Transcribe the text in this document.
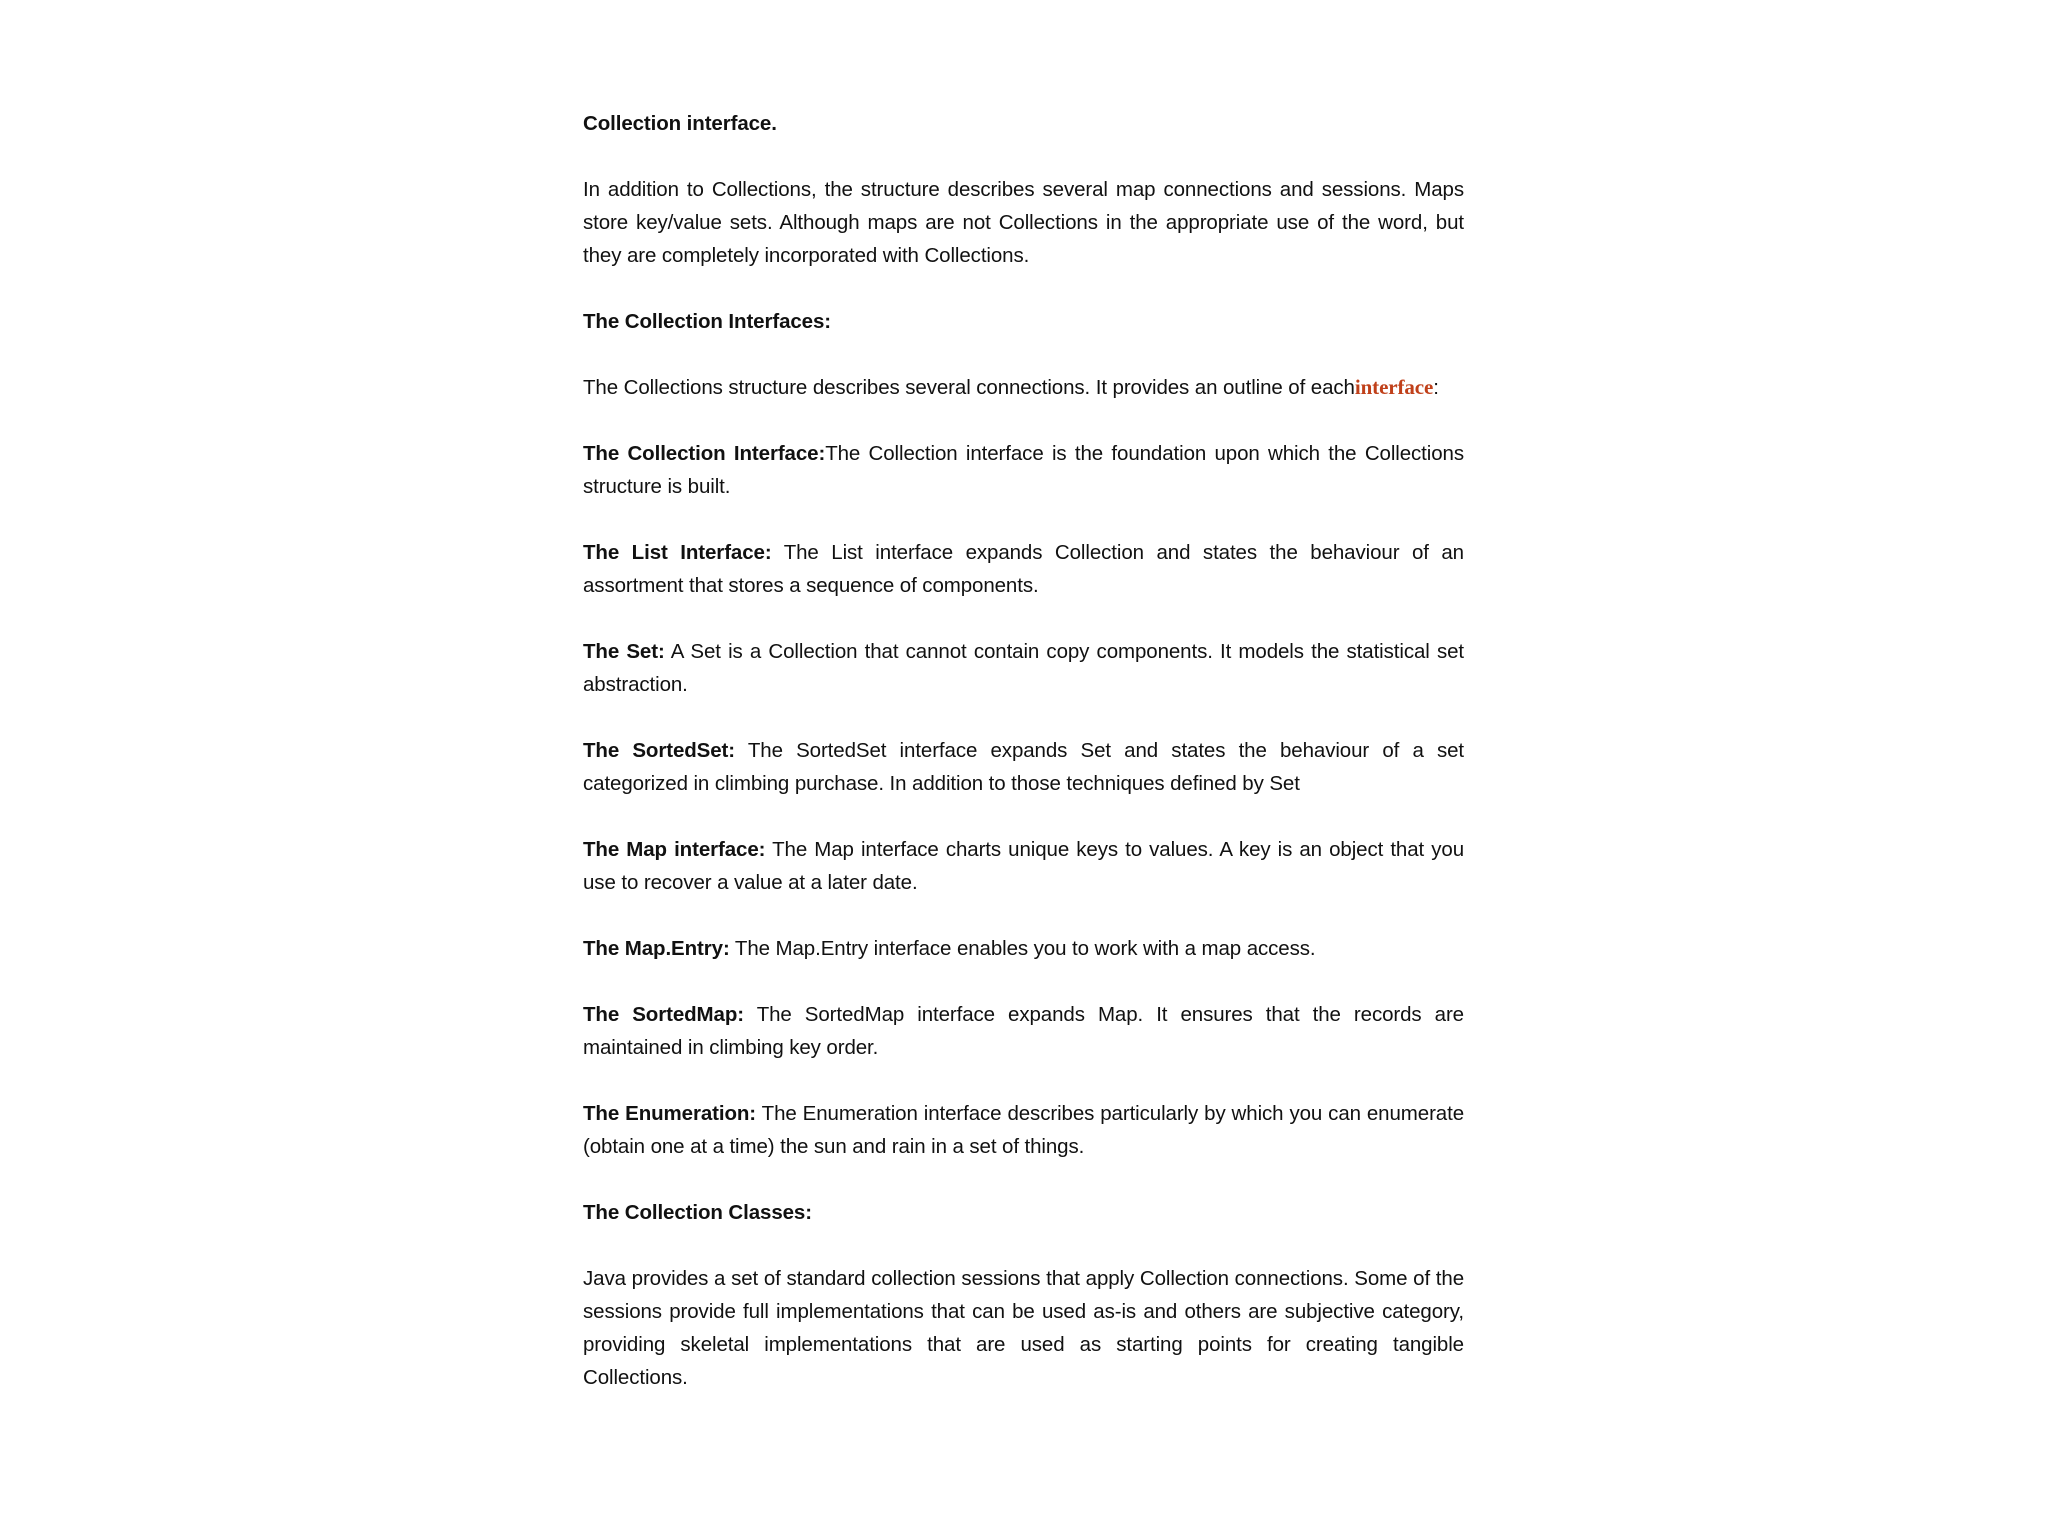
Collection interface.
In addition to Collections, the structure describes several map connections and sessions. Maps store key/value sets. Although maps are not Collections in the appropriate use of the word, but they are completely incorporated with Collections.
The Collection Interfaces:
The Collections structure describes several connections. It provides an outline of eachinterface:
The Collection Interface:The Collection interface is the foundation upon which the Collections structure is built.
The List Interface: The List interface expands Collection and states the behaviour of an assortment that stores a sequence of components.
The Set: A Set is a Collection that cannot contain copy components. It models the statistical set abstraction.
The SortedSet: The SortedSet interface expands Set and states the behaviour of a set categorized in climbing purchase. In addition to those techniques defined by Set
The Map interface: The Map interface charts unique keys to values. A key is an object that you use to recover a value at a later date.
The Map.Entry: The Map.Entry interface enables you to work with a map access.
The SortedMap: The SortedMap interface expands Map. It ensures that the records are maintained in climbing key order.
The Enumeration: The Enumeration interface describes particularly by which you can enumerate (obtain one at a time) the sun and rain in a set of things.
The Collection Classes:
Java provides a set of standard collection sessions that apply Collection connections. Some of the sessions provide full implementations that can be used as-is and others are subjective category, providing skeletal implementations that are used as starting points for creating tangible Collections.
